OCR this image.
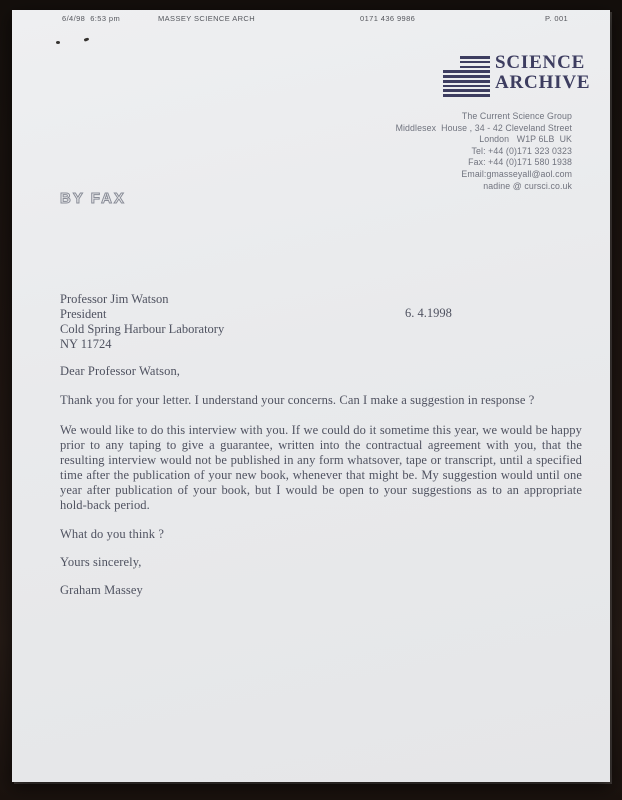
6/4/98  6:53 pm	MASSEY SCIENCE ARCH	0171 436 9986	P. 001
SCIENCE
ARCHIVE
The Current Science Group
Middlesex  House , 34 - 42 Cleveland Street
London   W1P 6LB  UK
Tel: +44 (0)171 323 0323
Fax: +44 (0)171 580 1938
Email:gmasseyall@aol.com
nadine @ cursci.co.uk
BY FAX
Professor Jim Watson
President
Cold Spring Harbour Laboratory
NY 11724
6. 4.1998

Dear Professor Watson,

Thank you for your letter. I understand your concerns. Can I make a suggestion in response ?

We would like to do this interview with you. If we could do it sometime this year, we would be happy prior to any taping to give a guarantee, written into the contractual agreement with you, that the resulting interview would not be published in any form whatsover, tape or transcript, until a specified time after the publication of your new book, whenever that might be. My suggestion would until one year after publication of your book, but I would be open to your suggestions as to an appropriate hold-back period.

What do you think ?

Yours sincerely,

Graham Massey
